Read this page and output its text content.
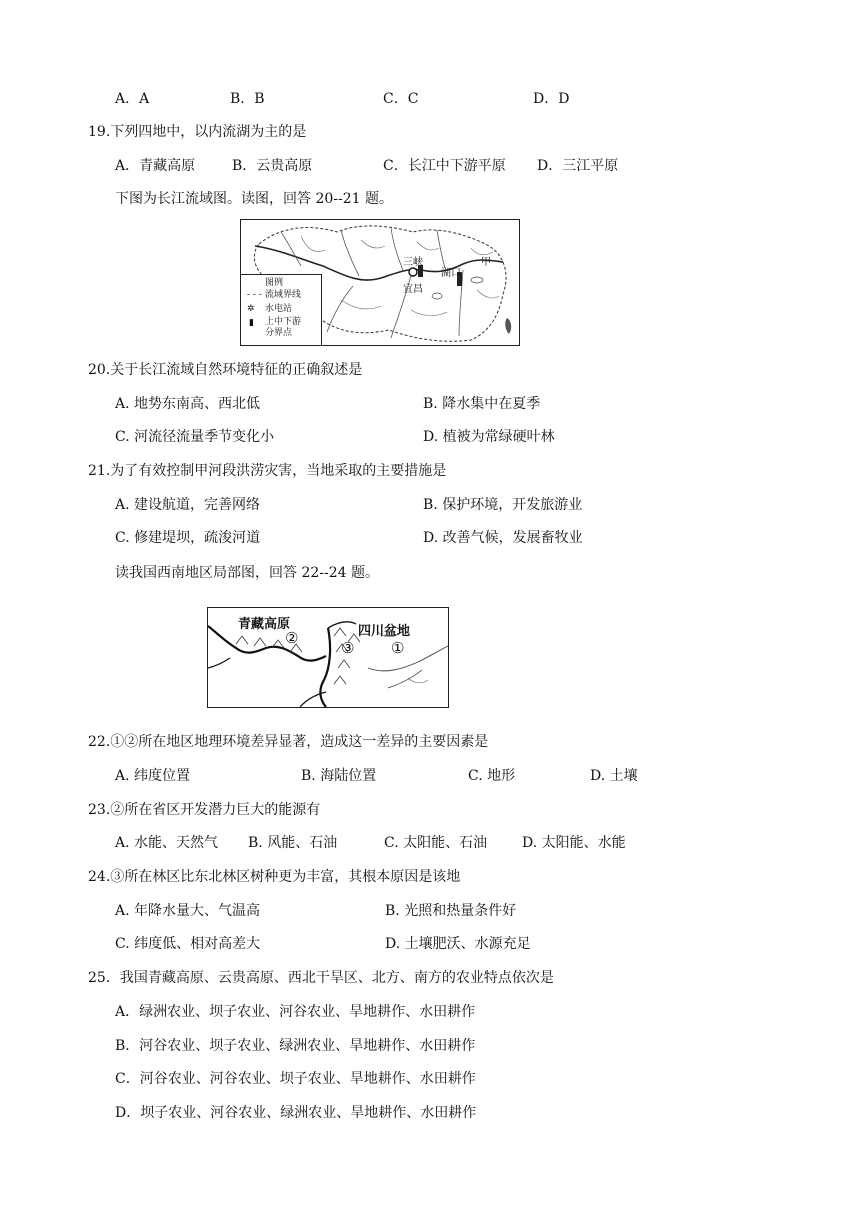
A．A	B．B	C．C	D．D
19.下列四地中，以内流湖为主的是
A．青藏高原	B．云贵高原	C．长江中下游平原 D．三江平原
下图为长江流域图。读图，回答 20--21 题。
三峡
宜昌
湖口
甲
图例
- - - 流域界线
✲ 水电站
▮ 上中下游
分界点
20.关于长江流域自然环境特征的正确叙述是
A. 地势东南高、西北低	B. 降水集中在夏季
C. 河流径流量季节变化小	D. 植被为常绿硬叶林
21.为了有效控制甲河段洪涝灾害，当地采取的主要措施是
A. 建设航道，完善网络	B. 保护环境，开发旅游业
C. 修建堤坝，疏浚河道	D. 改善气候，发展畜牧业
读我国西南地区局部图，回答 22--24 题。
青藏高原
②	四川盆地
③ ①
22.①②所在地区地理环境差异显著，造成这一差异的主要因素是
A. 纬度位置	B. 海陆位置	C. 地形	D. 土壤
23.②所在省区开发潜力巨大的能源有
A. 水能、天然气 B. 风能、石油	C. 太阳能、石油 D. 太阳能、水能
24.③所在林区比东北林区树种更为丰富，其根本原因是该地
A. 年降水量大、气温高	B. 光照和热量条件好
C. 纬度低、相对高差大	D. 土壤肥沃、水源充足
25．我国青藏高原、云贵高原、西北干旱区、北方、南方的农业特点依次是
A．绿洲农业、坝子农业、河谷农业、旱地耕作、水田耕作
B．河谷农业、坝子农业、绿洲农业、旱地耕作、水田耕作
C．河谷农业、河谷农业、坝子农业、旱地耕作、水田耕作
D．坝子农业、河谷农业、绿洲农业、旱地耕作、水田耕作
